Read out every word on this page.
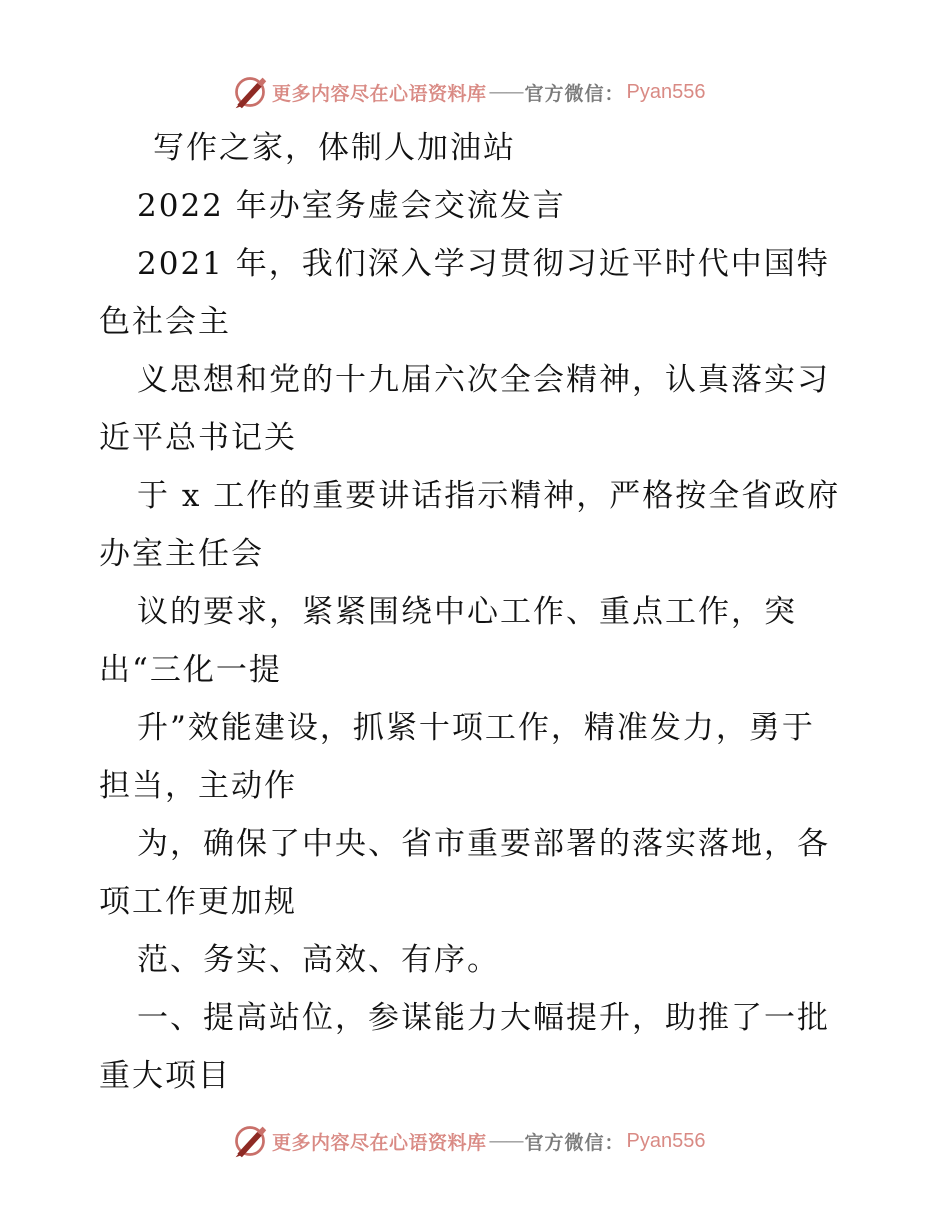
更多内容尽在心语资料库 —— 官方微信： Pyan556
写作之家，体制人加油站
2022 年办室务虚会交流发言
2021 年，我们深入学习贯彻习近平时代中国特
色社会主
义思想和党的十九届六次全会精神，认真落实习
近平总书记关
于 x 工作的重要讲话指示精神，严格按全省政府
办室主任会
议的要求，紧紧围绕中心工作、重点工作，突
出“三化一提
升”效能建设，抓紧十项工作，精准发力，勇于
担当，主动作
为，确保了中央、省市重要部署的落实落地，各
项工作更加规
范、务实、高效、有序。
一、提高站位，参谋能力大幅提升，助推了一批
重大项目
更多内容尽在心语资料库 —— 官方微信： Pyan556
